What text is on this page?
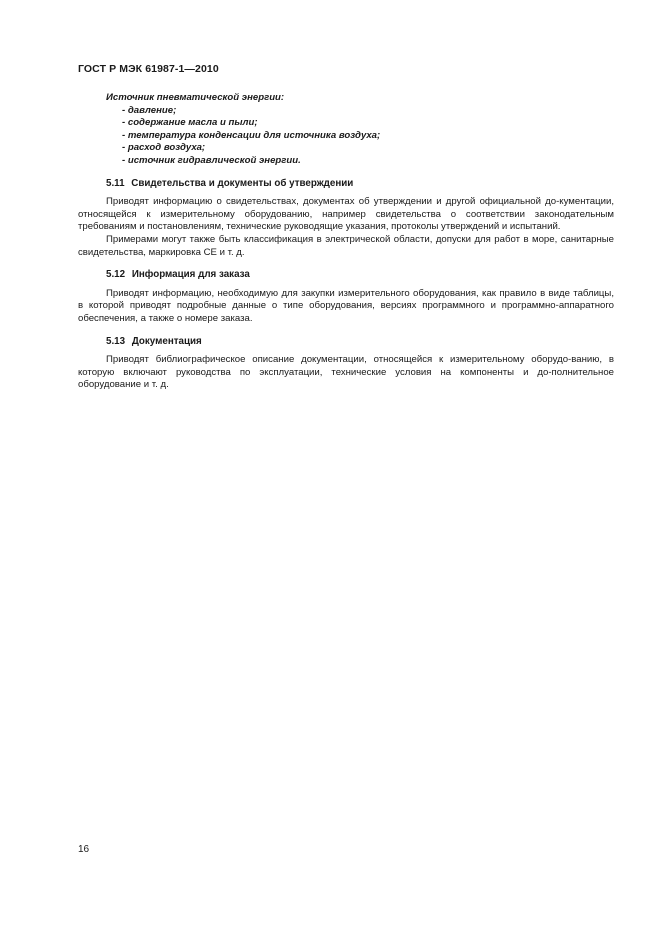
ГОСТ Р МЭК 61987-1—2010
Источник пневматической энергии:
- давление;
- содержание масла и пыли;
- температура конденсации для источника воздуха;
- расход воздуха;
- источник гидравлической энергии.
5.11 Свидетельства и документы об утверждении

Приводят информацию о свидетельствах, документах об утверждении и другой официальной до-кументации, относящейся к измерительному оборудованию, например свидетельства о соответствии законодательным требованиям и постановлениям, технические руководящие указания, протоколы утверждений и испытаний.

Примерами могут также быть классификация в электрической области, допуски для работ в море, санитарные свидетельства, маркировка CE и т. д.

5.12 Информация для заказа

Приводят информацию, необходимую для закупки измерительного оборудования, как правило в виде таблицы, в которой приводят подробные данные о типе оборудования, версиях программного и программно-аппаратного обеспечения, а также о номере заказа.

5.13 Документация

Приводят библиографическое описание документации, относящейся к измерительному оборудо-ванию, в которую включают руководства по эксплуатации, технические условия на компоненты и до-полнительное оборудование и т. д.

16
